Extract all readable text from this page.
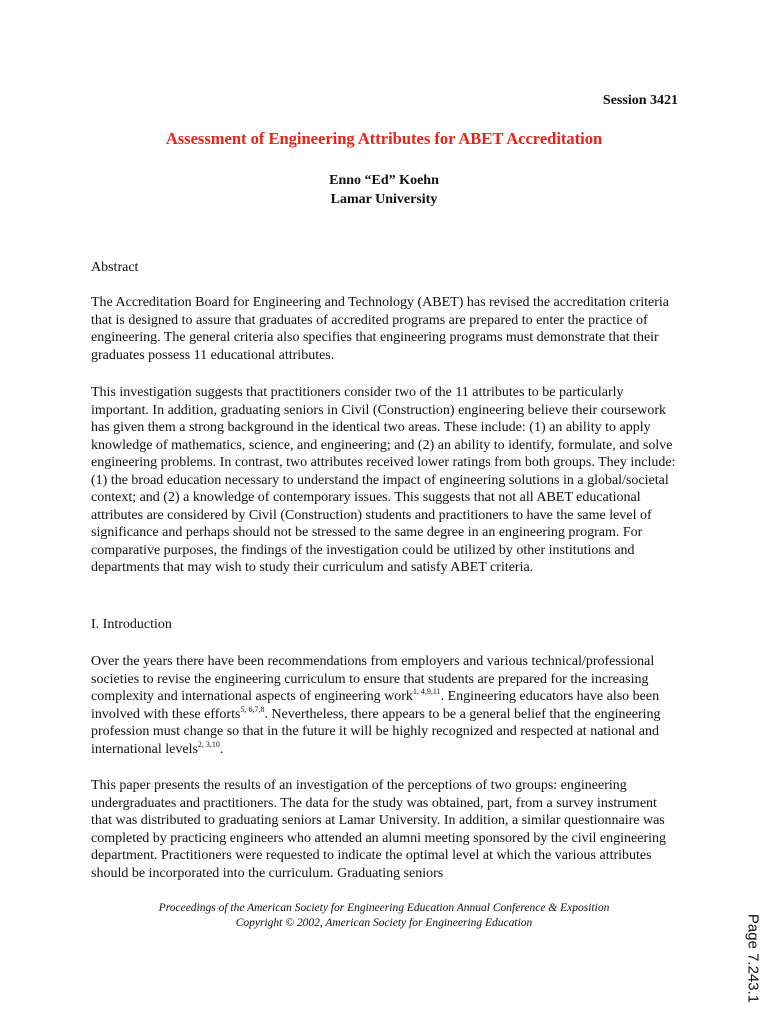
Session 3421
Assessment of Engineering Attributes for ABET Accreditation
Enno “Ed” Koehn
Lamar University
Abstract

The Accreditation Board for Engineering and Technology (ABET) has revised the accreditation criteria that is designed to assure that graduates of accredited programs are prepared to enter the practice of engineering. The general criteria also specifies that engineering programs must demonstrate that their graduates possess 11 educational attributes.

This investigation suggests that practitioners consider two of the 11 attributes to be particularly important. In addition, graduating seniors in Civil (Construction) engineering believe their coursework has given them a strong background in the identical two areas. These include: (1) an ability to apply knowledge of mathematics, science, and engineering; and (2) an ability to identify, formulate, and solve engineering problems. In contrast, two attributes received lower ratings from both groups. They include: (1) the broad education necessary to understand the impact of engineering solutions in a global/societal context; and (2) a knowledge of contemporary issues. This suggests that not all ABET educational attributes are considered by Civil (Construction) students and practitioners to have the same level of significance and perhaps should not be stressed to the same degree in an engineering program. For comparative purposes, the findings of the investigation could be utilized by other institutions and departments that may wish to study their curriculum and satisfy ABET criteria.

I. Introduction

Over the years there have been recommendations from employers and various technical/professional societies to revise the engineering curriculum to ensure that students are prepared for the increasing complexity and international aspects of engineering work$^{1, 4,9,11}$. Engineering educators have also been involved with these efforts$^{5, 6,7,8}$. Nevertheless, there appears to be a general belief that the engineering profession must change so that in the future it will be highly recognized and respected at national and international levels$^{2, 3,10}$.

This paper presents the results of an investigation of the perceptions of two groups: engineering undergraduates and practitioners. The data for the study was obtained, part, from a survey instrument that was distributed to graduating seniors at Lamar University. In addition, a similar questionnaire was completed by practicing engineers who attended an alumni meeting sponsored by the civil engineering department. Practitioners were requested to indicate the optimal level at which the various attributes should be incorporated into the curriculum. Graduating seniors

Proceedings of the American Society for Engineering Education Annual Conference & Exposition
Copyright © 2002, American Society for Engineering Education	Page 7.243.1
